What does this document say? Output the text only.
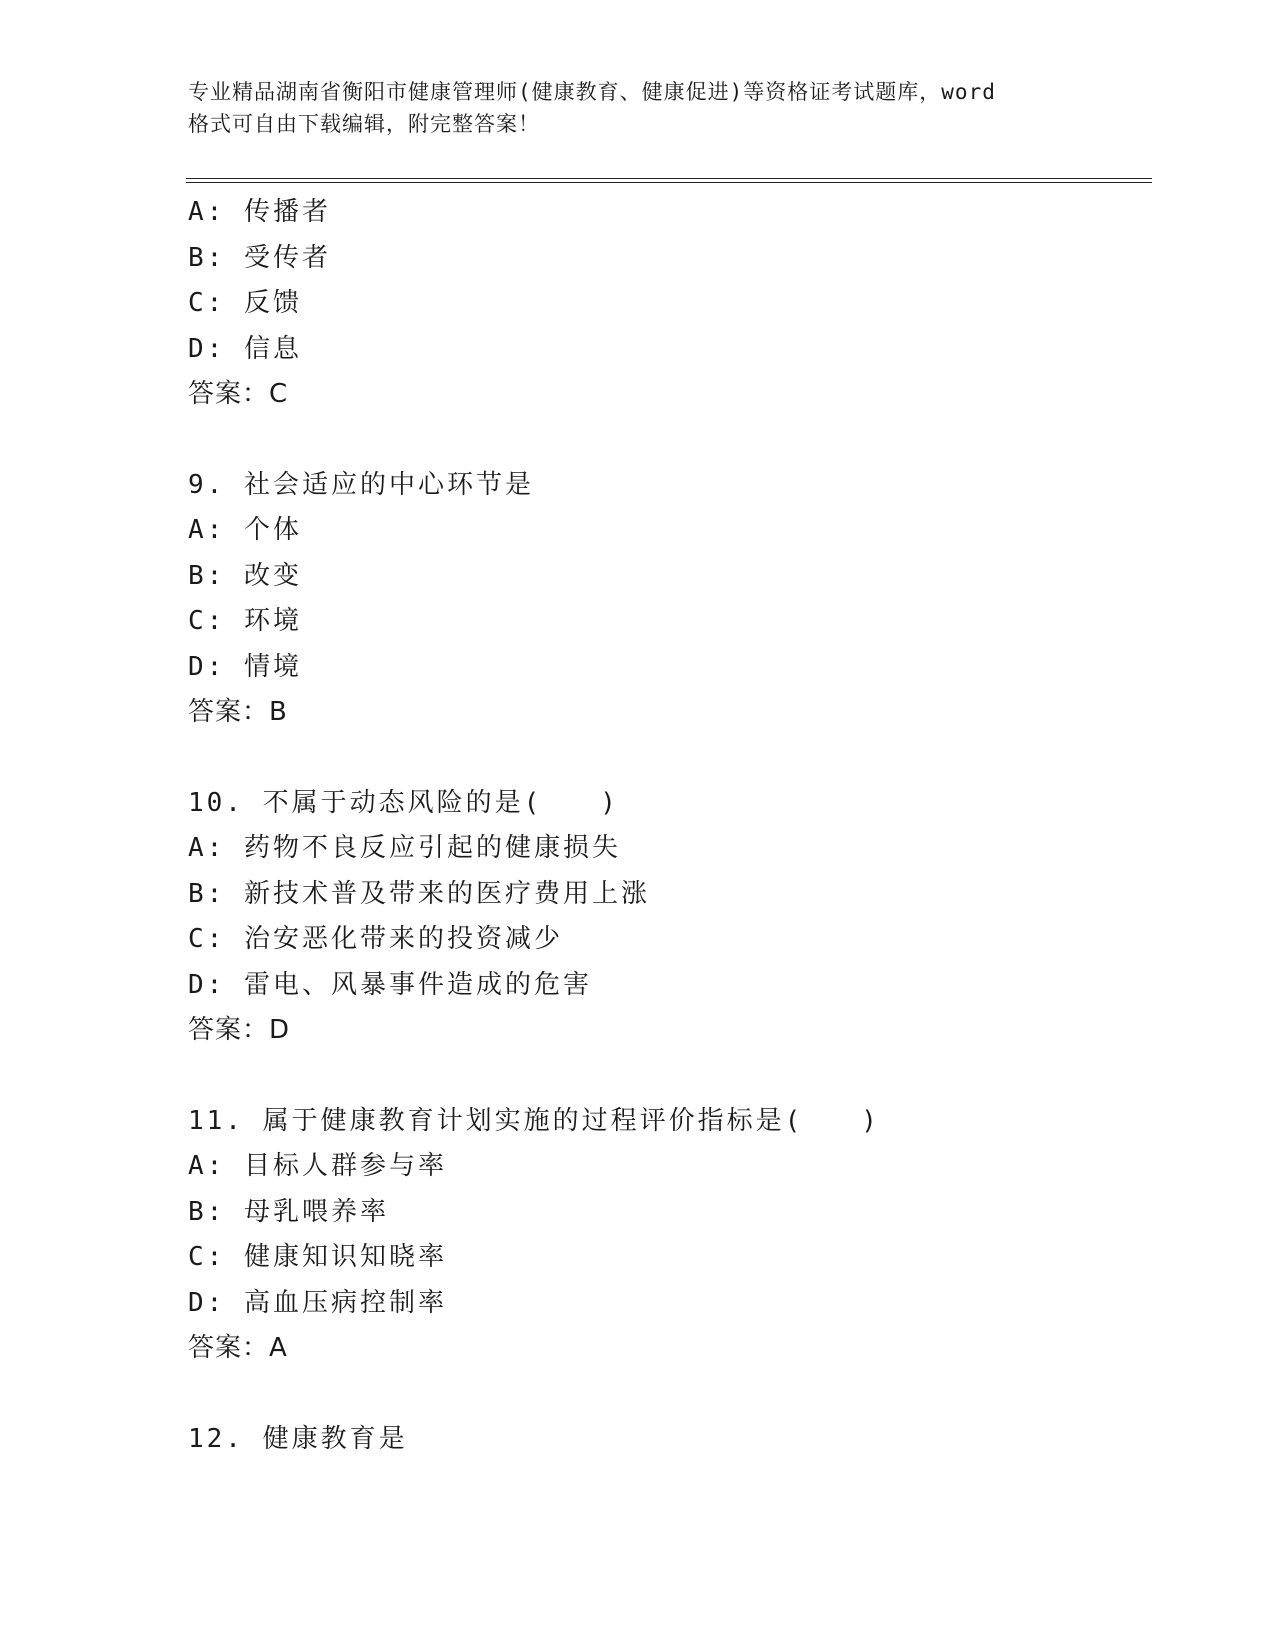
专业精品湖南省衡阳市健康管理师(健康教育、健康促进)等资格证考试题库，word
格式可自由下载编辑，附完整答案！
A: 传播者
B: 受传者
C: 反馈
D: 信息
答案：C
9. 社会适应的中心环节是
A: 个体
B: 改变
C: 环境
D: 情境
答案：B
10. 不属于动态风险的是(　　)
A: 药物不良反应引起的健康损失
B: 新技术普及带来的医疗费用上涨
C: 治安恶化带来的投资减少
D: 雷电、风暴事件造成的危害
答案：D
11. 属于健康教育计划实施的过程评价指标是(　　)
A: 目标人群参与率
B: 母乳喂养率
C: 健康知识知晓率
D: 高血压病控制率
答案：A
12. 健康教育是
